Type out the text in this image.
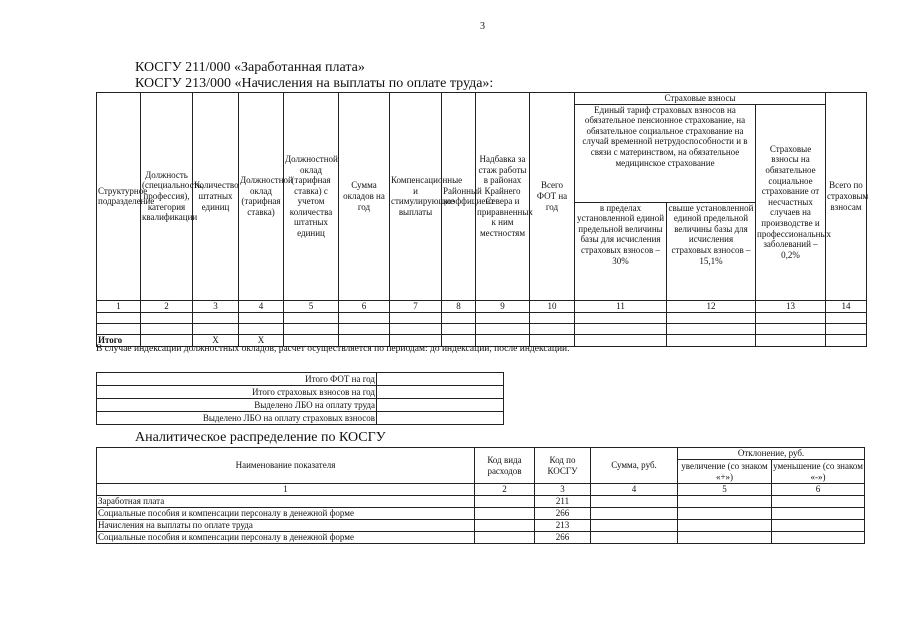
3
КОСГУ 211/000 «Заработанная плата»
КОСГУ 213/000 «Начисления на выплаты по оплате труда»:
Структурное подразделение	Должность (специальность, профессия), категория квалификации	Количество штатных единиц	Должностной оклад (тарифная ставка)	Должностной оклад (тарифная ставка) с учетом количества штатных единиц	Сумма окладов на год	Компенсационные и стимулирующие выплаты	Районный коэффициент	Надбавка за стаж работы в районах Крайнего Севера и приравненных к ним местностям	Всего ФОТ на год	Страховые взносы			Всего по страховым взносам
										Единый тариф страховых взносов на обязательное пенсионное страхование, на обязательное социальное страхование на случай временной нетрудоспособности и в связи с материнством, на обязательное медицинское страхование		Страховые взносы на обязательное социальное страхование от несчастных случаев на производстве и профессиональных заболеваний – 0,2%	
										в пределах установленной единой предельной величины базы для исчисления страховых взносов – 30%	свыше установленной единой предельной величины базы для исчисления страховых взносов –15,1%		
1	2	3	4	5	6	7	8	9	10	11	12	13	14

Итого		Х	Х										
В случае индексации должностных окладов, расчет осуществляется по периодам: до индексации, после индексации.
Итого ФОТ на год	
Итого страховых взносов на год	
Выделено ЛБО на оплату труда	
Выделено ЛБО на оплату страховых взносов	
Аналитическое распределение по КОСГУ
Наименование показателя	Код вида расходов	Код по КОСГУ	Сумма, руб.	Отклонение, руб.	
				увеличение (со знаком «+»)	уменьшение (со знаком «-»)
1	2	3	4	5	6
Заработная плата		211			
Социальные пособия и компенсации персоналу в денежной форме		266			
Начисления на выплаты по оплате труда		213			
Социальные пособия и компенсации персоналу в денежной форме		266			
